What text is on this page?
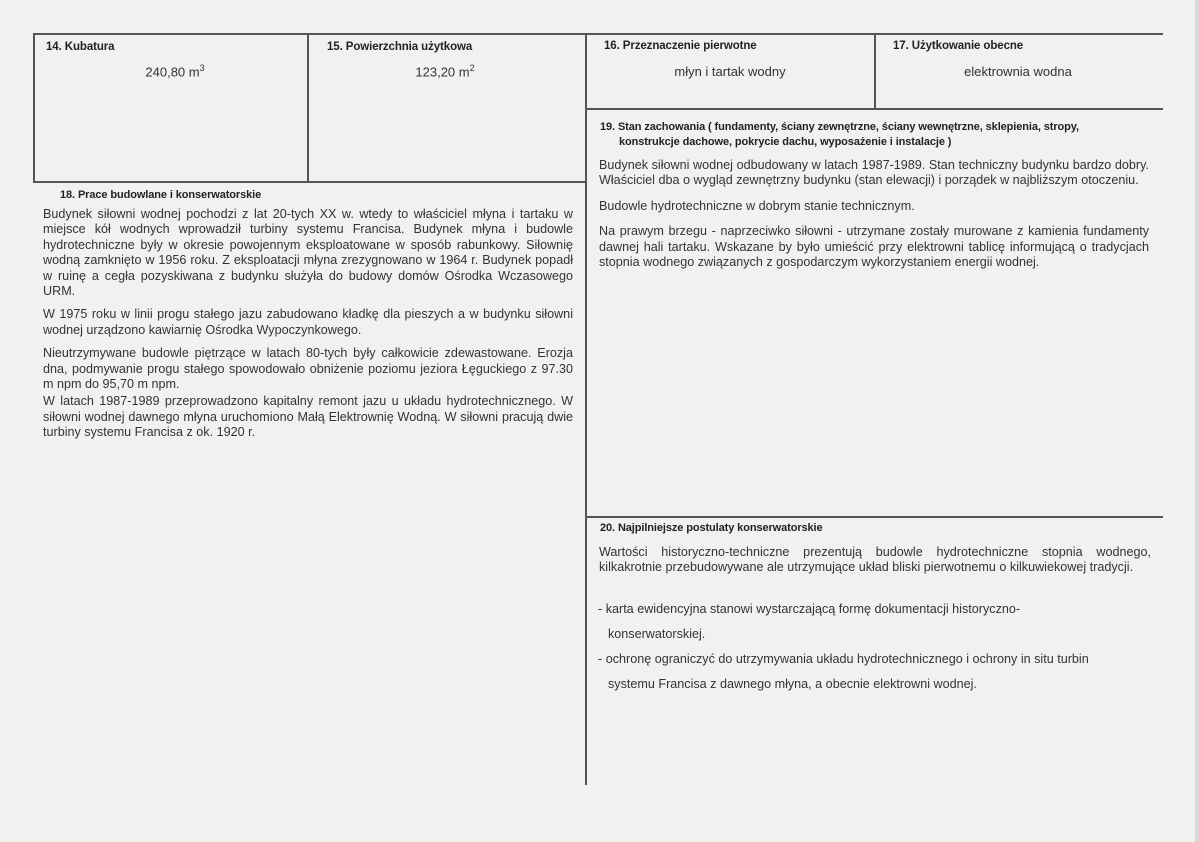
14. Kubatura
240,80 $m^3$
15. Powierzchnia użytkowa
123,20 $m^2$
16. Przeznaczenie pierwotne
młyn i tartak wodny
17. Użytkowanie obecne
elektrownia wodna
18. Prace budowlane i konserwatorskie

Budynek siłowni wodnej pochodzi z lat 20-tych XX w. wtedy to właściciel młyna i tartaku w miejsce kół wodnych wprowadził turbiny systemu Francisa. Budynek młyna i budowle hydrotechniczne były w okresie powojennym eksploatowane w sposób rabunkowy. Siłownię wodną zamknięto w 1956 roku. Z eksploatacji młyna zrezygnowano w 1964 r. Budynek popadł w ruinę a cegła pozyskiwana z budynku służyła do budowy domów Ośrodka Wczasowego URM.

W 1975 roku w linii progu stałego jazu zabudowano kładkę dla pieszych a w budynku siłowni wodnej urządzono kawiarnię Ośrodka Wypoczynkowego.

Nieutrzymywane budowle piętrzące w latach 80-tych były całkowicie zdewastowane. Erozja dna, podmywanie progu stałego spowodowało obniżenie poziomu jeziora Łęguckiego z 97.30 m npm do 95,70 m npm.

W latach 1987-1989 przeprowadzono kapitalny remont jazu u układu hydrotechnicznego. W siłowni wodnej dawnego młyna uruchomiono Małą Elektrownię Wodną. W siłowni pracują dwie turbiny systemu Francisa z ok. 1920 r.

19. Stan zachowania ( fundamenty, ściany zewnętrzne, ściany wewnętrzne, sklepienia, stropy,
konstrukcje dachowe, pokrycie dachu, wyposażenie i instalacje )

Budynek siłowni wodnej odbudowany w latach 1987-1989. Stan techniczny budynku bardzo dobry. Właściciel dba o wygląd zewnętrzny budynku (stan elewacji) i porządek w najbliższym otoczeniu.

Budowle hydrotechniczne w dobrym stanie technicznym.

Na prawym brzegu - naprzeciwko siłowni - utrzymane zostały murowane z kamienia fundamenty dawnej hali tartaku. Wskazane by było umieścić przy elektrowni tablicę informującą o tradycjach stopnia wodnego związanych z gospodarczym wykorzystaniem energii wodnej.

20. Najpilniejsze postulaty konserwatorskie
Wartości historyczno-techniczne prezentują budowle hydrotechniczne stopnia wodnego, kilkakrotnie przebudowywane ale utrzymujące układ bliski pierwotnemu o kilkuwiekowej tradycji.
- karta ewidencyjna stanowi wystarczającą formę dokumentacji historyczno-
konserwatorskiej.
- ochronę ograniczyć do utrzymywania układu hydrotechnicznego i ochrony in situ turbin
systemu Francisa z dawnego młyna, a obecnie elektrowni wodnej.
